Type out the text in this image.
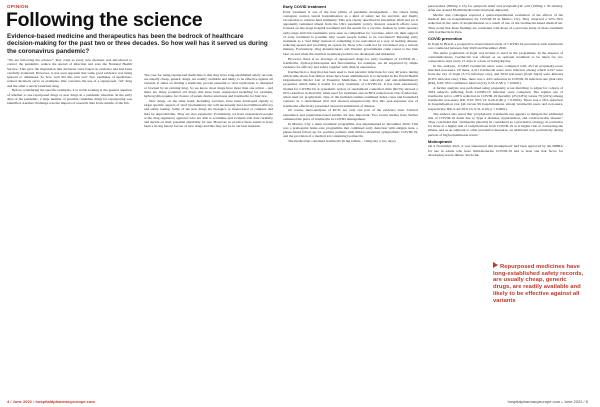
OPINION
Following the science
Evidence-based medicine and therapeutics has been the bedrock of healthcare decision-making for the past two or three decades. So how well has it served us during the coronavirus pandemic?

“We are following the science”, they cried as every new measure was introduced to control the pandemic, reduce the spread of infection and save the National Health Service. This gave the impression that decisions were based on evidence and had been carefully evaluated. However, it was soon apparent that some good evidence was being ignored or dismissed. So how well did this turn out? Two examples of medicines-related decisions serve as examples. One concerns the use of a repurposed ‘old’ drug and the other a newly launched drug.

Before considering the specific examples, it is worth looking at the general question of whether to use repurposed drugs or new drugs in a pandemic situation. In the early days of the pandemic, a large number of possible candidate drugs for repurposing was identified. Another challenge was the imports of research data from outside of the UK.

The case for using repurposed medicines is that they have long-established safety records, are usually cheap, generic drugs, are readily available and likely to be effective against all variants. It relies on finding a medicine, proven essential to viral replication, is disrupted or blocked by an existing drug. So we know, most drugs have more than one action – and there are many potential old drugs that have been repurposed including for example, hydroxychloroquine for closure of patent ductus arteriosus and ivermectin for hair lice.

New drugs, on the other hand, including vaccines, have been developed rapidly to target specific aspects of viral biochemistry but will necessarily have had limited efficacy and safety testing. Some of the new drugs are biologics or monoclonal or complex and may be unpredictable. They are also expensive. Fortunately, we have experienced people at the drug regulatory agencies who are able to scrutinise and evaluate trial data carefully and decide on their potential suitability for use. However, in practice there seems to have been a strong bias in favour of new drugs and this may not be in our best interests.

Early COVID treatment

Early treatment is one of the four pillars of pandemic management – the others being contagion control, lateral hospitalisation as a kind of safety net for survival, and finally vaccination to achieve herd immunity. This was clearly described in December 2020 and yet it apparently remained absent from the UK's pandemic policy. Instead, research efforts were focused on late-stage hospital treatment and the search for a vaccine. Indeed, in some quarters early-stage antiviral treatments were seen as competition for vaccines. After all, their support of early treatment is possible why would people bother to be vaccinated? Pursuing early treatment as a ‘bad thing’ instead of something to be welcomed as a way of treating disease, reducing spread and providing an option for those who could not be vaccinated was a serious misstep. Fortunately, drug manufacturers and Western governments came round to the idea later on and when the antiviral treatment products are developed and marketed.

However, there is no shortage of repurposed drugs for early treatment of COVID-19 – ivermectin, hydroxychloroquine and fluvoxamine, for example, are all supported by ample evidence for efficacy and safety together with clinical experience.

Ivermectin is a drug that has been used to treat parasitic infections for over 40 years, during which time about four billion doses have been administered. It is included in the World Health Organization Model List of Essential Medicines. It has anti-viral and anti-inflammatory properties which make it useful for early treatment of COVID-19. It has been extensively trialled for COVID-19. A systematic review of randomised controlled trials (RCTs) showed a 62% reduction in mortality when used for treatment and an 86% reduction in risk of infection, when used for prophylaxis. One of the included studies examined index cases and household contacts in a randomised trial and showed unequivocally that this post-exposure use of ivermectin effectively prevented onward transmission of disease.

Of course, meta-analyses of RCTs are only one part of the evidence base. Clinical experience and population-based studies are also important. Two recent studies have further cemented the place of ivermectin in COVID management.

In Mexico City a mass treatment programme was implemented in December 2020. This was a prehospital home-care programme that combined early detection with antigen tests, a phone-based follow-up for positive patients with mild-to-moderate symptomatic COVID-19, and the provision of a medical kit containing ivermectin.

The medical kit contained ivermectin (6 mg tablets – 12mg/day x two days)

paracetamol (500mg x 10) for symptom relief and acetylsalicylic acid (100mg x 30 tablets). After use around 83,000 medical kits had been delivered.

Merino and colleagues reported a quasi-experimental evaluation of the effects of the medical kits on hospitalisation for COVID-19 in Mexico City. They observed a 52%–76% reduction in the odds of hospitalisation as a result of use of the ivermectin-based medical kit. They noted that these findings are consistent with those of a previous study of mass treatment with ivermectin in Peru.

COVID prevention

In Itajai in Brazil, a prospective observational study of COVID-19 prevention with ivermectin was conducted between July 2020 and December 2020.

The entire population of Itajai was invited to enrol in the programme. In the absence of contraindications, ivermectin was offered as an optional treatment to be taken for two consecutive days every 15 days at a dose of 0.2mg/kg/day.

In the analysis, 113,845 ivermectin users were compared with 45,716 propensity-score matched non-users. Of these, 4,311 ivermectin users were infected, among which 4,197 were from the city of Itajai (3.7% infection rate), and 3034 non-users (from Itajai) were infected (6.6% infection rate). Thus, there was a 44% reduction in COVID-19 infection rate (risk ratio (RR), 0.56; 95% confidence interval (CI), 0.53–0.58; p < 0.0001).

A further analysis was performed using propensity score matching to adjust for cohorts of 3034 subjects suffering from COVID-19 infection were compared. The regular use of ivermectin led to a 68% reduction in COVID-19 mortality (25 [0.8%] versus 79 [2.6%] among ivermectin non-users; RR, 0.32; 95% CI, 0.20–0.49; p < 0.0001). There was a 56% reduction in hospitalisation rate (44 versus 99 hospitalisations among ivermectin users and non-users, respectively; RR, 0.44; 95% CI, 0.31–0.63; p < 0.0001).

The authors also noted that ‘prophylactic ivermectin use appears to mitigate the additional risk of COVID-19 death due to Type 2 diabetes, hypertension, and cardiovascular disease.’ They concluded that ‘ivermectin [should] be considered as a preventive strategy, in particular for those at a higher risk of complications from COVID-19 or at higher risk of contracting the illness, and as an adjuvant to other preventive measures, an additional tool, particularly during periods of high transmission levels.’

Molnupiravir

On 4 November 2021, it was announced that molnupiravir had been approved by the MHRA for use in adults who have mild-moderate COVID-19 and at least one risk factor for developing severe illness. Such risk

Repurposed medicines have long-established safety records, are usually cheap, generic drugs, are readily available and likely to be effective against all variants
4 / June 2022 • hospitaldpharmacyeurope.com	hospitalpharmacyeurope.com • June 2022 / 5
